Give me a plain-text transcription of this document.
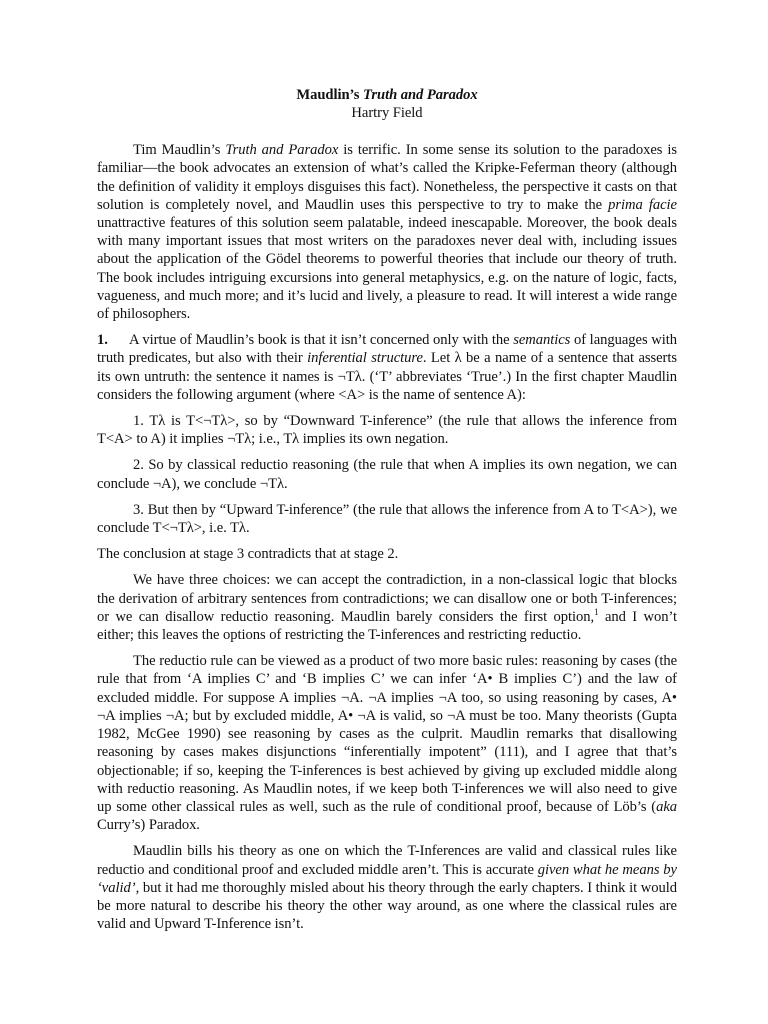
Maudlin’s Truth and Paradox

Hartry Field

Tim Maudlin’s Truth and Paradox is terrific. In some sense its solution to the paradoxes is familiar—the book advocates an extension of what’s called the Kripke-Feferman theory (although the definition of validity it employs disguises this fact). Nonetheless, the perspective it casts on that solution is completely novel, and Maudlin uses this perspective to try to make the prima facie unattractive features of this solution seem palatable, indeed inescapable. Moreover, the book deals with many important issues that most writers on the paradoxes never deal with, including issues about the application of the Gödel theorems to powerful theories that include our theory of truth. The book includes intriguing excursions into general metaphysics, e.g. on the nature of logic, facts, vagueness, and much more; and it’s lucid and lively, a pleasure to read. It will interest a wide range of philosophers.

1. A virtue of Maudlin’s book is that it isn’t concerned only with the semantics of languages with truth predicates, but also with their inferential structure. Let λ be a name of a sentence that asserts its own untruth: the sentence it names is ¬Tλ. (‘T’ abbreviates ‘True’.) In the first chapter Maudlin considers the following argument (where <A> is the name of sentence A):

1. Tλ is T<¬Tλ>, so by “Downward T-inference” (the rule that allows the inference from T<A> to A) it implies ¬Tλ; i.e., Tλ implies its own negation.

2. So by classical reductio reasoning (the rule that when A implies its own negation, we can conclude ¬A), we conclude ¬Tλ.

3. But then by “Upward T-inference” (the rule that allows the inference from A to T<A>), we conclude T<¬Tλ>, i.e. Tλ.

The conclusion at stage 3 contradicts that at stage 2.

We have three choices: we can accept the contradiction, in a non-classical logic that blocks the derivation of arbitrary sentences from contradictions; we can disallow one or both T-inferences; or we can disallow reductio reasoning. Maudlin barely considers the first option,$^1$ and I won’t either; this leaves the options of restricting the T-inferences and restricting reductio.

The reductio rule can be viewed as a product of two more basic rules: reasoning by cases (the rule that from ‘A implies C’ and ‘B implies C’ we can infer ‘A• B implies C’) and the law of excluded middle. For suppose A implies ¬A. ¬A implies ¬A too, so using reasoning by cases, A• ¬A implies ¬A; but by excluded middle, A• ¬A is valid, so ¬A must be too. Many theorists (Gupta 1982, McGee 1990) see reasoning by cases as the culprit. Maudlin remarks that disallowing reasoning by cases makes disjunctions “inferentially impotent” (111), and I agree that that’s objectionable; if so, keeping the T-inferences is best achieved by giving up excluded middle along with reductio reasoning. As Maudlin notes, if we keep both T-inferences we will also need to give up some other classical rules as well, such as the rule of conditional proof, because of Löb’s (aka Curry’s) Paradox.

Maudlin bills his theory as one on which the T-Inferences are valid and classical rules like reductio and conditional proof and excluded middle aren’t. This is accurate given what he means by ‘valid’, but it had me thoroughly misled about his theory through the early chapters. I think it would be more natural to describe his theory the other way around, as one where the classical rules are valid and Upward T-Inference isn’t.
